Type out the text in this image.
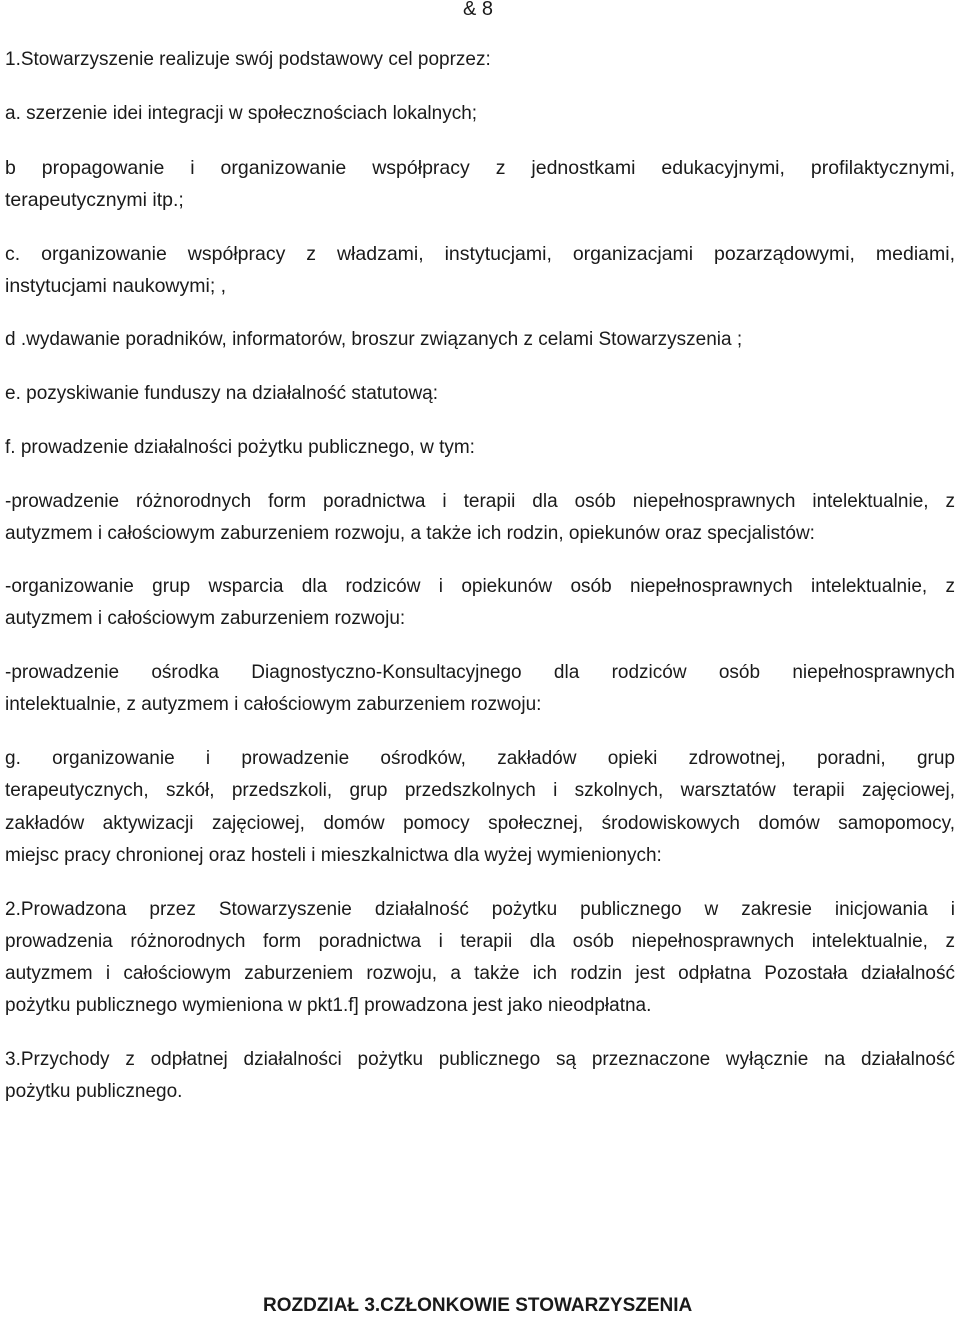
& 8

1.Stowarzyszenie realizuje swój podstawowy cel poprzez:

a. szerzenie idei integracji w społecznościach lokalnych;

b propagowanie i organizowanie współpracy z jednostkami edukacyjnymi, profilaktycznymi,

terapeutycznymi itp.;

c. organizowanie współpracy z władzami, instytucjami, organizacjami pozarządowymi, mediami,

instytucjami naukowymi; ,

d .wydawanie poradników, informatorów, broszur związanych z celami Stowarzyszenia ;

e. pozyskiwanie funduszy na działalność statutową:

f. prowadzenie działalności pożytku publicznego, w tym:

-prowadzenie różnorodnych form poradnictwa i terapii dla osób niepełnosprawnych intelektualnie, z

autyzmem i całościowym zaburzeniem rozwoju, a także ich rodzin, opiekunów oraz specjalistów:

-organizowanie grup wsparcia dla rodziców i opiekunów osób niepełnosprawnych intelektualnie, z

autyzmem i całościowym zaburzeniem rozwoju:

-prowadzenie ośrodka Diagnostyczno-Konsultacyjnego dla rodziców osób niepełnosprawnych

intelektualnie, z autyzmem i całościowym zaburzeniem rozwoju:

g. organizowanie i prowadzenie ośrodków, zakładów opieki zdrowotnej, poradni, grup

terapeutycznych, szkół, przedszkoli, grup przedszkolnych i szkolnych, warsztatów terapii zajęciowej,

zakładów aktywizacji zajęciowej, domów pomocy społecznej, środowiskowych domów samopomocy,

miejsc pracy chronionej oraz hosteli i mieszkalnictwa dla wyżej wymienionych:

2.Prowadzona przez Stowarzyszenie działalność pożytku publicznego w zakresie inicjowania i

prowadzenia różnorodnych form poradnictwa i terapii dla osób niepełnosprawnych intelektualnie, z

autyzmem i całościowym zaburzeniem rozwoju, a także ich rodzin jest odpłatna Pozostała działalność

pożytku publicznego wymieniona w pkt1.f] prowadzona jest jako nieodpłatna.

3.Przychody z odpłatnej działalności pożytku publicznego są przeznaczone wyłącznie na działalność

pożytku publicznego.

ROZDZIAŁ 3.CZŁONKOWIE STOWARZYSZENIA
